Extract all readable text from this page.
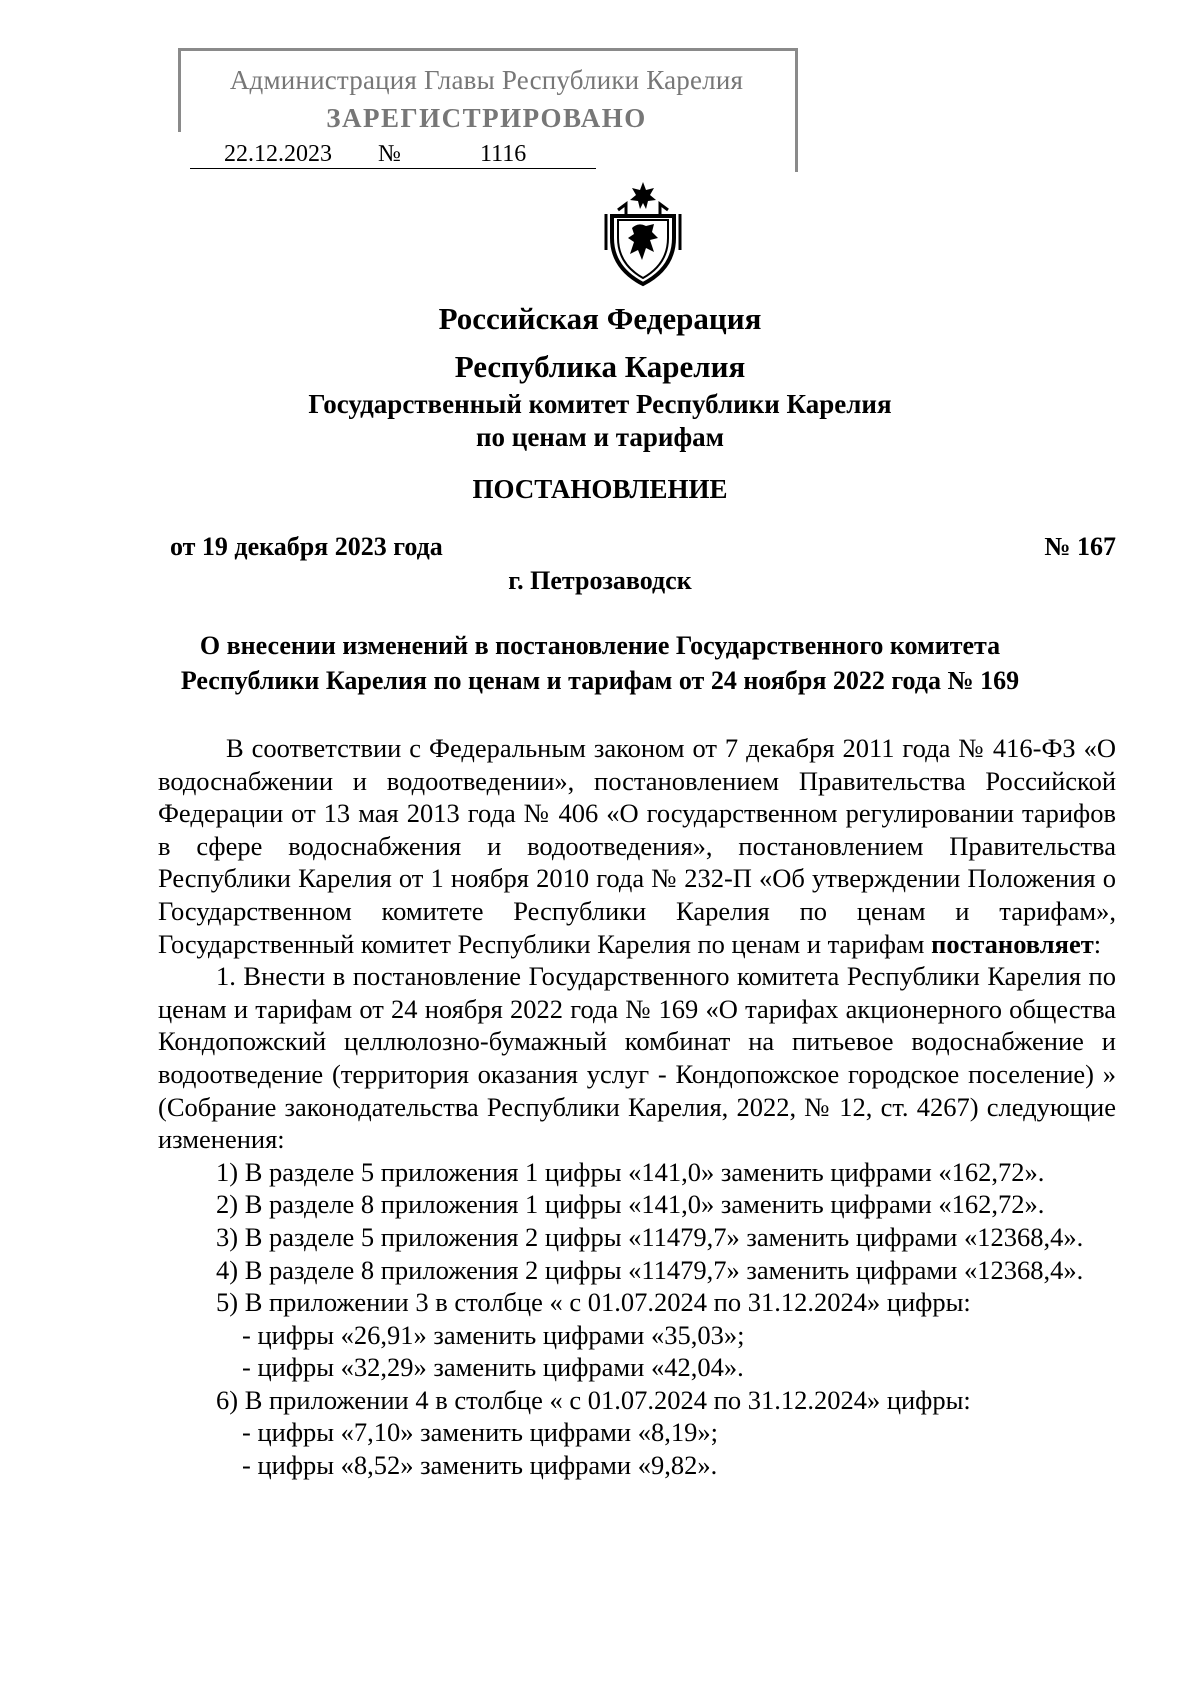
Администрация Главы Республики Карелия
ЗАРЕГИСТРИРОВАНО
22.12.2023 №	1116
Российская Федерация
Республика Карелия
Государственный комитет Республики Карелия
по ценам и тарифам
ПОСТАНОВЛЕНИЕ
от 19 декабря 2023 года	№ 167
г. Петрозаводск
О внесении изменений в постановление Государственного комитета
Республики Карелия по ценам и тарифам от 24 ноября 2022 года № 169

В соответствии с Федеральным законом от 7 декабря 2011 года № 416-ФЗ «О водоснабжении и водоотведении», постановлением Правительства Российской Федерации от 13 мая 2013 года № 406 «О государственном регулировании тарифов в сфере водоснабжения и водоотведения», постановлением Правительства Республики Карелия от 1 ноября 2010 года № 232-П «Об утверждении Положения о Государственном комитете Республики Карелия по ценам и тарифам», Государственный комитет Республики Карелия по ценам и тарифам постановляет:

1. Внести в постановление Государственного комитета Республики Карелия по ценам и тарифам от 24 ноября 2022 года № 169 «О тарифах акционерного общества Кондопожский целлюлозно-бумажный комбинат на питьевое водоснабжение и водоотведение (территория оказания услуг - Кондопожское городское поселение) » (Собрание законодательства Республики Карелия, 2022, № 12, ст. 4267) следующие изменения:

1) В разделе 5 приложения 1 цифры «141,0» заменить цифрами «162,72».

2) В разделе 8 приложения 1 цифры «141,0» заменить цифрами «162,72».

3) В разделе 5 приложения 2 цифры «11479,7» заменить цифрами «12368,4».

4) В разделе 8 приложения 2 цифры «11479,7» заменить цифрами «12368,4».

5) В приложении 3 в столбце « с 01.07.2024 по 31.12.2024» цифры:

- цифры «26,91» заменить цифрами «35,03»;

- цифры «32,29» заменить цифрами «42,04».

6) В приложении 4 в столбце « с 01.07.2024 по 31.12.2024» цифры:

- цифры «7,10» заменить цифрами «8,19»;

- цифры «8,52» заменить цифрами «9,82».
